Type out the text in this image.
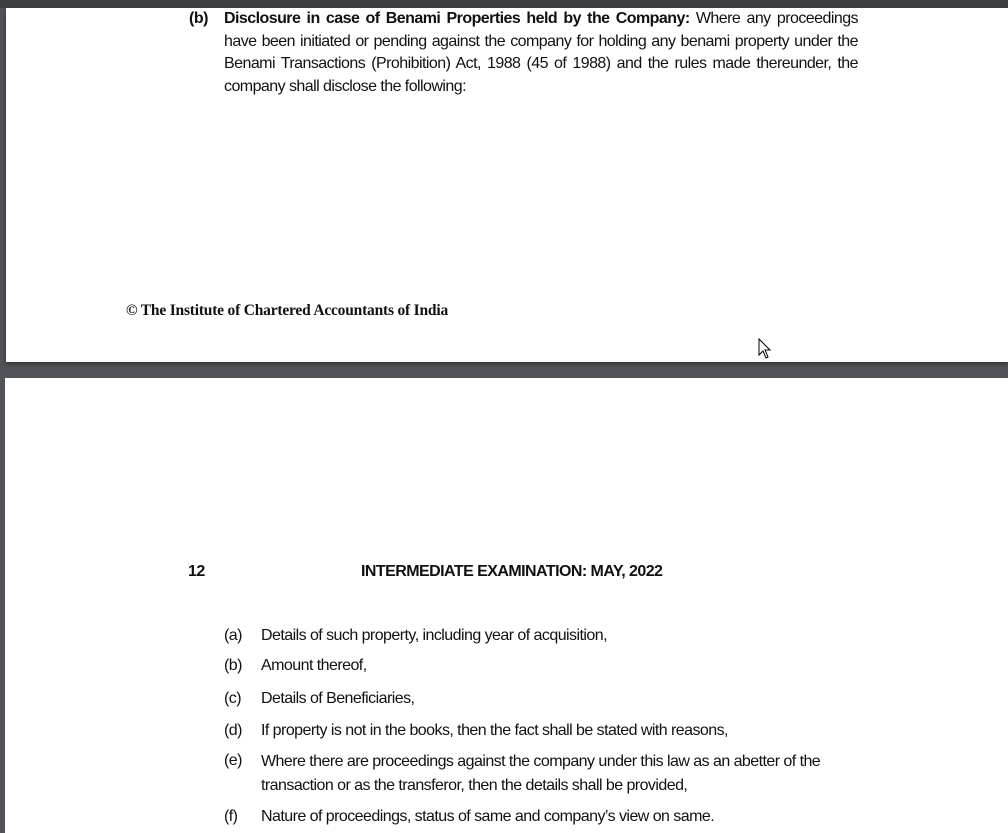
(b) Disclosure in case of Benami Properties held by the Company: Where any proceedings have been initiated or pending against the company for holding any benami property under the Benami Transactions (Prohibition) Act, 1988 (45 of 1988) and the rules made thereunder, the company shall disclose the following:
© The Institute of Chartered Accountants of India
12	INTERMEDIATE EXAMINATION: MAY, 2022
(a) Details of such property, including year of acquisition,
(b) Amount thereof,
(c) Details of Beneficiaries,
(d) If property is not in the books, then the fact shall be stated with reasons,
(e) Where there are proceedings against the company under this law as an abetter of the transaction or as the transferor, then the details shall be provided,
(f) Nature of proceedings, status of same and company’s view on same.
